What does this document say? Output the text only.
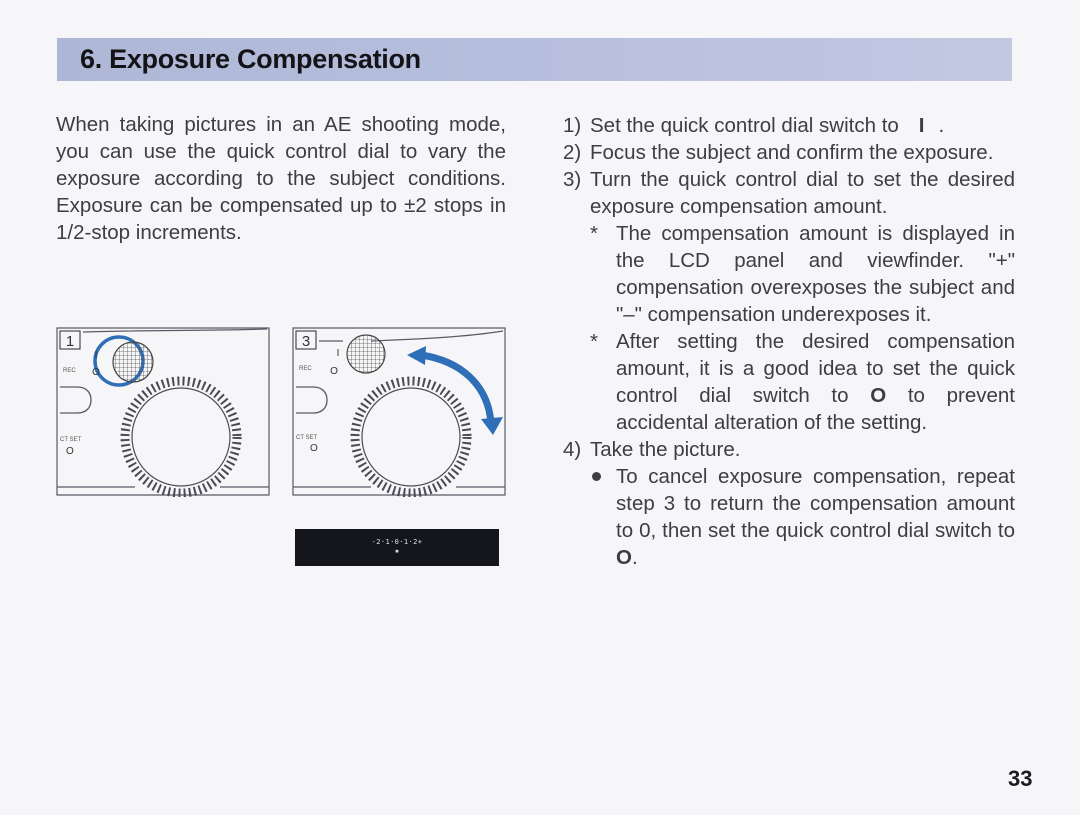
6. Exposure Compensation

When taking pictures in an AE shooting mode, you can use the quick control dial to vary the exposure according to the subject conditions. Exposure can be compensated up to ±2 stops in 1/2-stop increments.

1) Set the quick control dial switch to I .
2) Focus the subject and confirm the exposure.
3) Turn the quick control dial to set the desired exposure compensation amount.
* The compensation amount is displayed in the LCD panel and viewfinder. "+" compensation overexposes the subject and "–" compensation underexposes it.
* After setting the desired compensation amount, it is a good idea to set the quick control dial switch to O to prevent accidental alteration of the setting.
4) Take the picture.
To cancel exposure compensation, repeat step 3 to return the compensation amount to 0, then set the quick control dial switch to O.
1
I
REC O
CT SET
O
3
I
REC O
CT SET
O
-2·1·0·1·2+
▪
33
